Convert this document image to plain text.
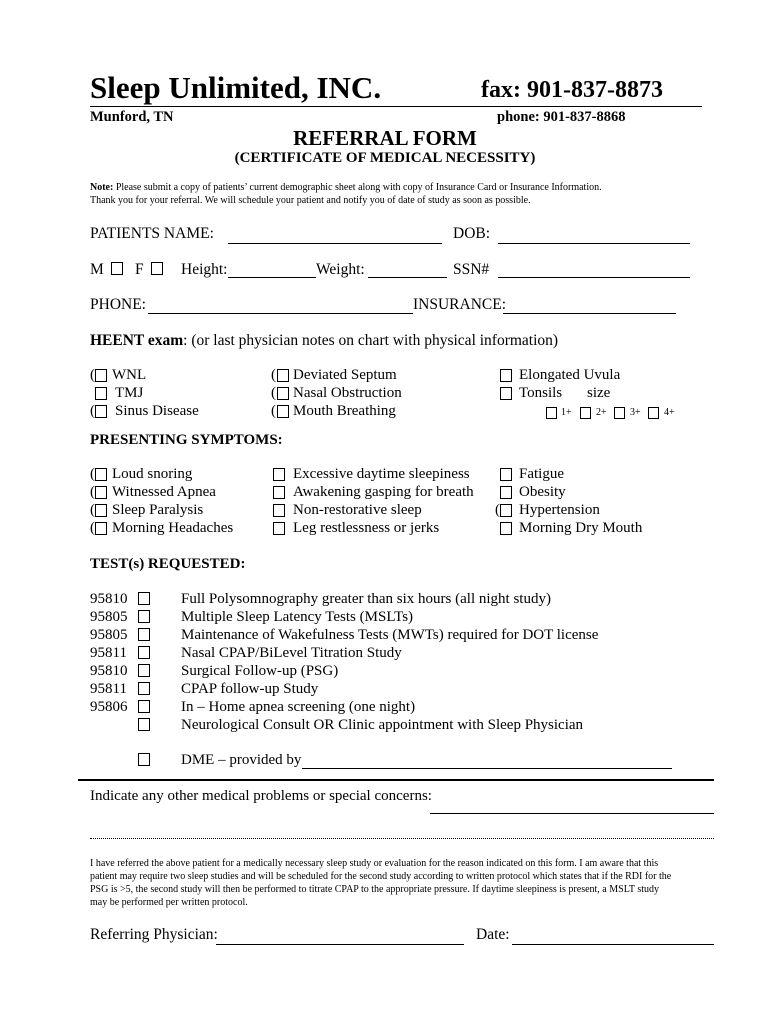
Sleep Unlimited, INC.	fax: 901-837-8873
Munford, TN	phone: 901-837-8868
REFERRAL FORM
(CERTIFICATE OF MEDICAL NECESSITY)
Note: Please submit a copy of patients’ current demographic sheet along with copy of Insurance Card or Insurance Information.
Thank you for your referral. We will schedule your patient and notify you of date of study as soon as possible.
PATIENTS NAME:	DOB:
M F Height:	Weight:	SSN#
PHONE:	INSURANCE:
HEENT exam: (or last physician notes on chart with physical information)
( WNL
TMJ
( Sinus Disease
( Deviated Septum
( Nasal Obstruction
( Mouth Breathing
Elongated Uvula
Tonsils size
1+ 2+ 3+ 4+
PRESENTING SYMPTOMS:
( Loud snoring
( Witnessed Apnea
( Sleep Paralysis
( Morning Headaches
Excessive daytime sleepiness
Awakening gasping for breath
Non-restorative sleep
Leg restlessness or jerks
Fatigue
Obesity
( Hypertension
Morning Dry Mouth
TEST(s) REQUESTED:
95810	Full Polysomnography greater than six hours (all night study)
95805	Multiple Sleep Latency Tests (MSLTs)
95805	Maintenance of Wakefulness Tests (MWTs) required for DOT license
95811	Nasal CPAP/BiLevel Titration Study
95810	Surgical Follow-up (PSG)
95811	CPAP follow-up Study
95806	In – Home apnea screening (one night)
Neurological Consult OR Clinic appointment with Sleep Physician
DME – provided by
Indicate any other medical problems or special concerns:
I have referred the above patient for a medically necessary sleep study or evaluation for the reason indicated on this form. I am aware that this
patient may require two sleep studies and will be scheduled for the second study according to written protocol which states that if the RDI for the
PSG is >5, the second study will then be performed to titrate CPAP to the appropriate pressure. If daytime sleepiness is present, a MSLT study
may be performed per written protocol.
Referring Physician:	Date:
